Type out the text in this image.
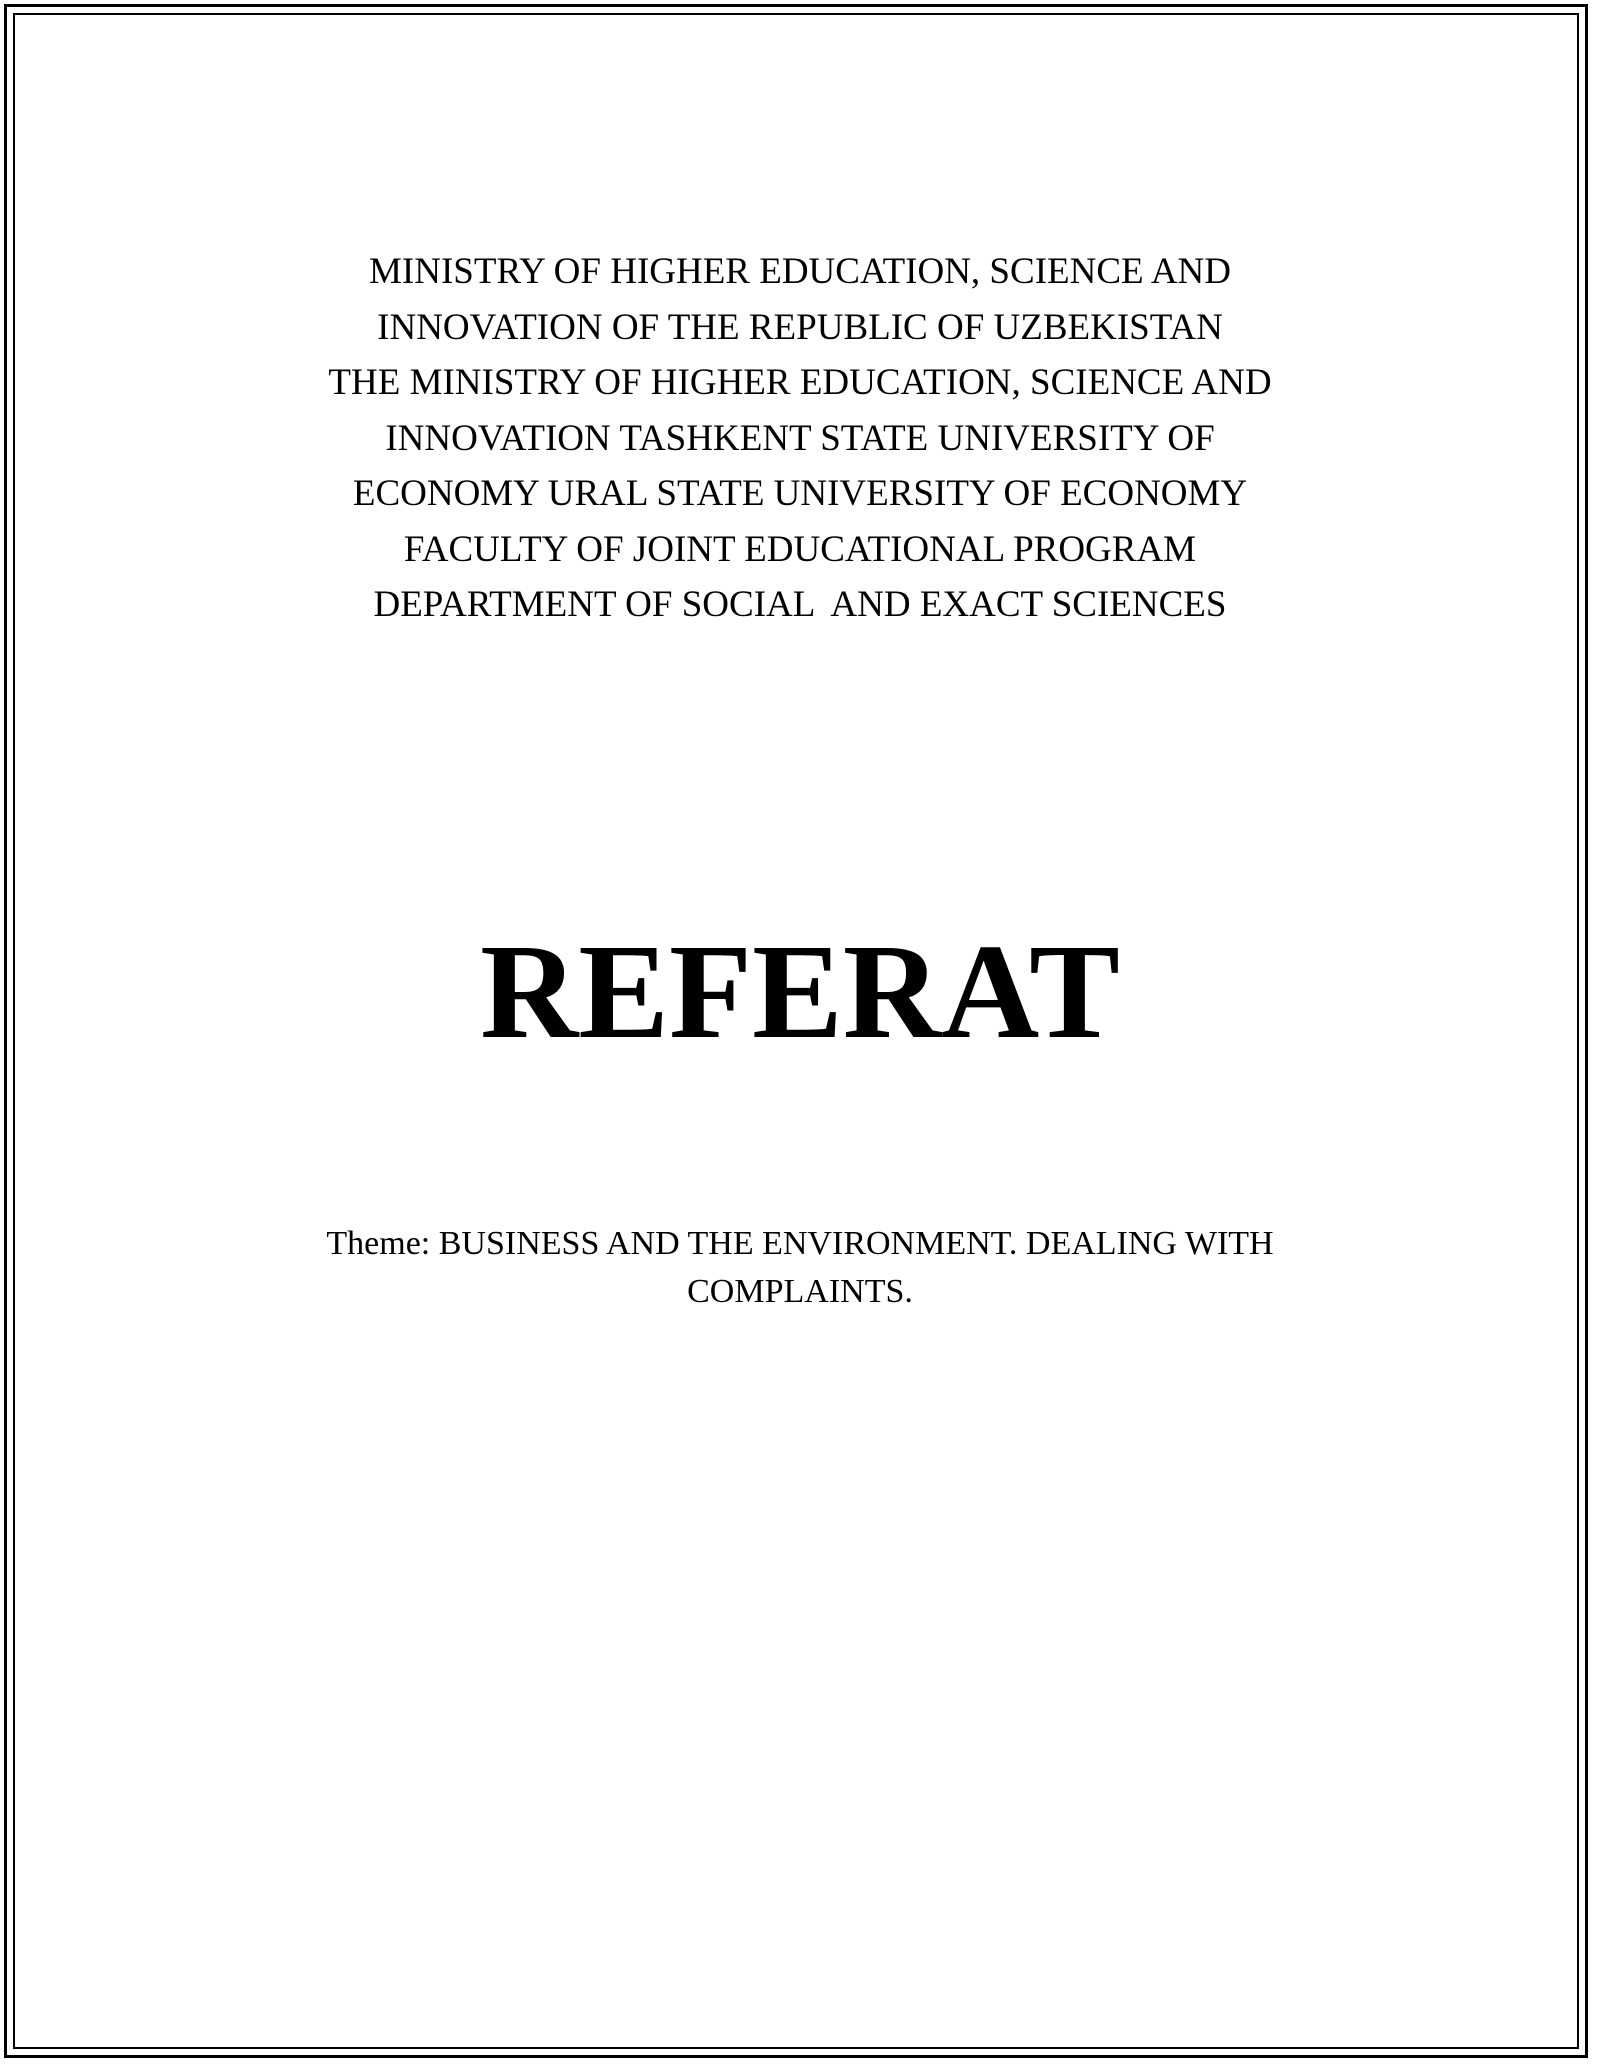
MINISTRY OF HIGHER EDUCATION, SCIENCE AND
INNOVATION OF THE REPUBLIC OF UZBEKISTAN
THE MINISTRY OF HIGHER EDUCATION, SCIENCE AND
INNOVATION TASHKENT STATE UNIVERSITY OF
ECONOMY URAL STATE UNIVERSITY OF ECONOMY
FACULTY OF JOINT EDUCATIONAL PROGRAM
DEPARTMENT OF SOCIAL  AND EXACT SCIENCES
REFERAT
Theme: BUSINESS AND THE ENVIRONMENT. DEALING WITH
COMPLAINTS.
